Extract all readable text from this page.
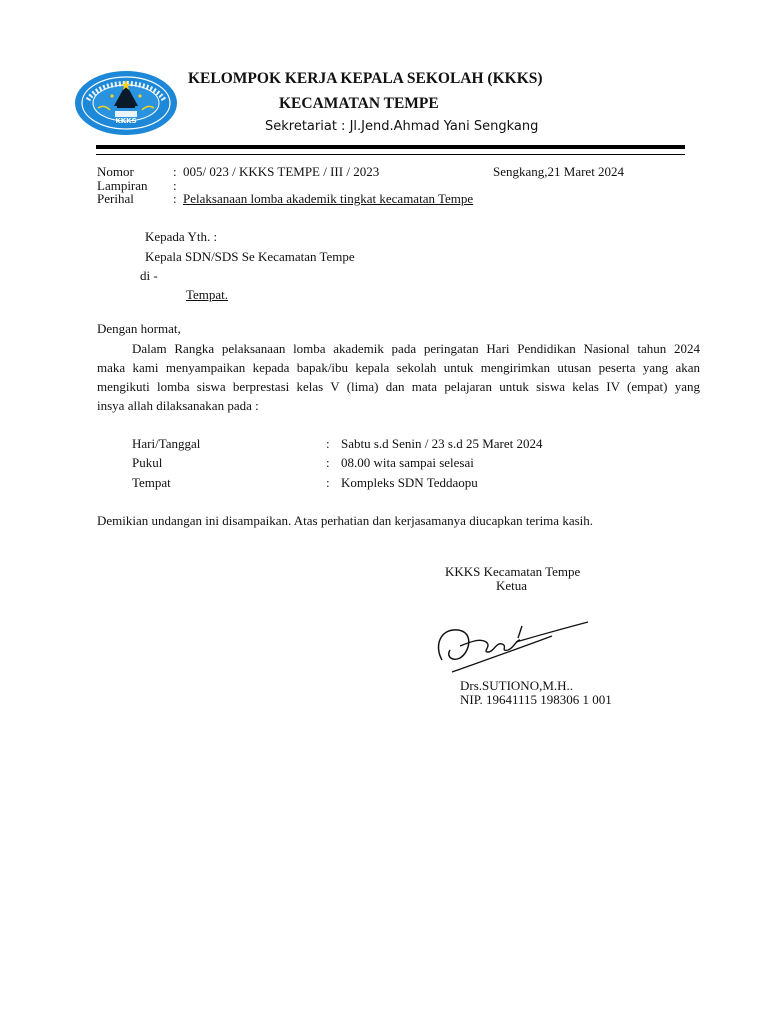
KKKS
KELOMPOK KERJA KEPALA SEKOLAH (KKKS)
KECAMATAN TEMPE
Sekretariat : Jl.Jend.Ahmad Yani Sengkang
Nomor	: 005/ 023 / KKKS TEMPE / III / 2023	Sengkang,21 Maret 2024
Lampiran :
Perihal	: Pelaksanaan lomba akademik tingkat kecamatan Tempe
Kepada Yth. :
Kepala SDN/SDS Se Kecamatan Tempe
di -
Tempat.
Dengan hormat,
Dalam Rangka pelaksanaan lomba akademik pada peringatan Hari Pendidikan Nasional tahun 2024
maka kami menyampaikan kepada bapak/ibu kepala sekolah untuk mengirimkan utusan peserta yang akan
mengikuti lomba siswa berprestasi kelas V (lima) dan mata pelajaran untuk siswa kelas IV (empat) yang
insya allah dilaksanakan pada :
Hari/Tanggal	: Sabtu s.d Senin / 23 s.d 25 Maret 2024
Pukul	: 08.00 wita sampai selesai
Tempat	: Kompleks SDN Teddaopu
Demikian undangan ini disampaikan. Atas perhatian dan kerjasamanya diucapkan terima kasih.
KKKS Kecamatan Tempe
Ketua
Drs.SUTIONO,M.H..
NIP. 19641115 198306 1 001
